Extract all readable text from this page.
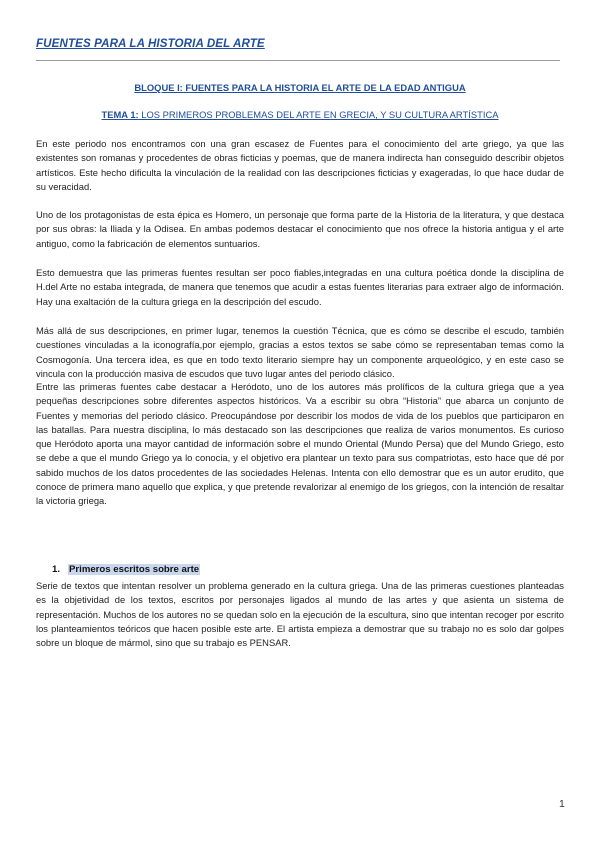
FUENTES PARA LA HISTORIA DEL ARTE
BLOQUE I: FUENTES PARA LA HISTORIA EL ARTE DE LA EDAD ANTIGUA
TEMA 1: LOS PRIMEROS PROBLEMAS DEL ARTE EN GRECIA, Y SU CULTURA ARTÍSTICA

En este periodo nos encontramos con una gran escasez de Fuentes para el conocimiento del arte griego, ya que las existentes son romanas y procedentes de obras ficticias y poemas, que de manera indirecta han conseguido describir objetos artísticos. Este hecho dificulta la vinculación de la realidad con las descripciones ficticias y exageradas, lo que hace dudar de su veracidad.

Uno de los protagonistas de esta épica es Homero, un personaje que forma parte de la Historia de la literatura, y que destaca por sus obras: la Iliada y la Odisea. En ambas podemos destacar el conocimiento que nos ofrece la historia antigua y el arte antiguo, como la fabricación de elementos suntuarios.

Esto demuestra que las primeras fuentes resultan ser poco fiables,integradas en una cultura poética donde la disciplina de H.del Arte no estaba integrada, de manera que tenemos que acudir a estas fuentes literarias para extraer algo de información. Hay una exaltación de la cultura griega en la descripción del escudo.

Más allá de sus descripciones, en primer lugar, tenemos la cuestión Técnica, que es cómo se describe el escudo, también cuestiones vinculadas a la iconografía,por ejemplo, gracias a estos textos se sabe cómo se representaban temas como la Cosmogonía. Una tercera idea, es que en todo texto literario siempre hay un componente arqueológico, y en este caso se vincula con la producción masiva de escudos que tuvo lugar antes del periodo clásico.

Entre las primeras fuentes cabe destacar a Heródoto, uno de los autores más prolíficos de la cultura griega que a yea pequeñas descripciones sobre diferentes aspectos históricos. Va a escribir su obra “Historia” que abarca un conjunto de Fuentes y memorias del periodo clásico. Preocupándose por describir los modos de vida de los pueblos que participaron en las batallas. Para nuestra disciplina, lo más destacado son las descripciones que realiza de varios monumentos. Es curioso que Heródoto aporta una mayor cantidad de información sobre el mundo Oriental (Mundo Persa) que del Mundo Griego, esto se debe a que el mundo Griego ya lo conocia, y el objetivo era plantear un texto para sus compatriotas, esto hace que dé por sabido muchos de los datos procedentes de las sociedades Helenas. Intenta con ello demostrar que es un autor erudito, que conoce de primera mano aquello que explica, y que pretende revalorizar al enemigo de los griegos, con la intención de resaltar la victoria griega.

1. Primeros escritos sobre arte

Serie de textos que intentan resolver un problema generado en la cultura griega. Una de las primeras cuestiones planteadas es la objetividad de los textos, escritos por personajes ligados al mundo de las artes y que asienta un sistema de representación. Muchos de los autores no se quedan solo en la ejecución de la escultura, sino que intentan recoger por escrito los planteamientos teóricos que hacen posible este arte. El artista empieza a demostrar que su trabajo no es solo dar golpes sobre un bloque de mármol, sino que su trabajo es PENSAR.

1
